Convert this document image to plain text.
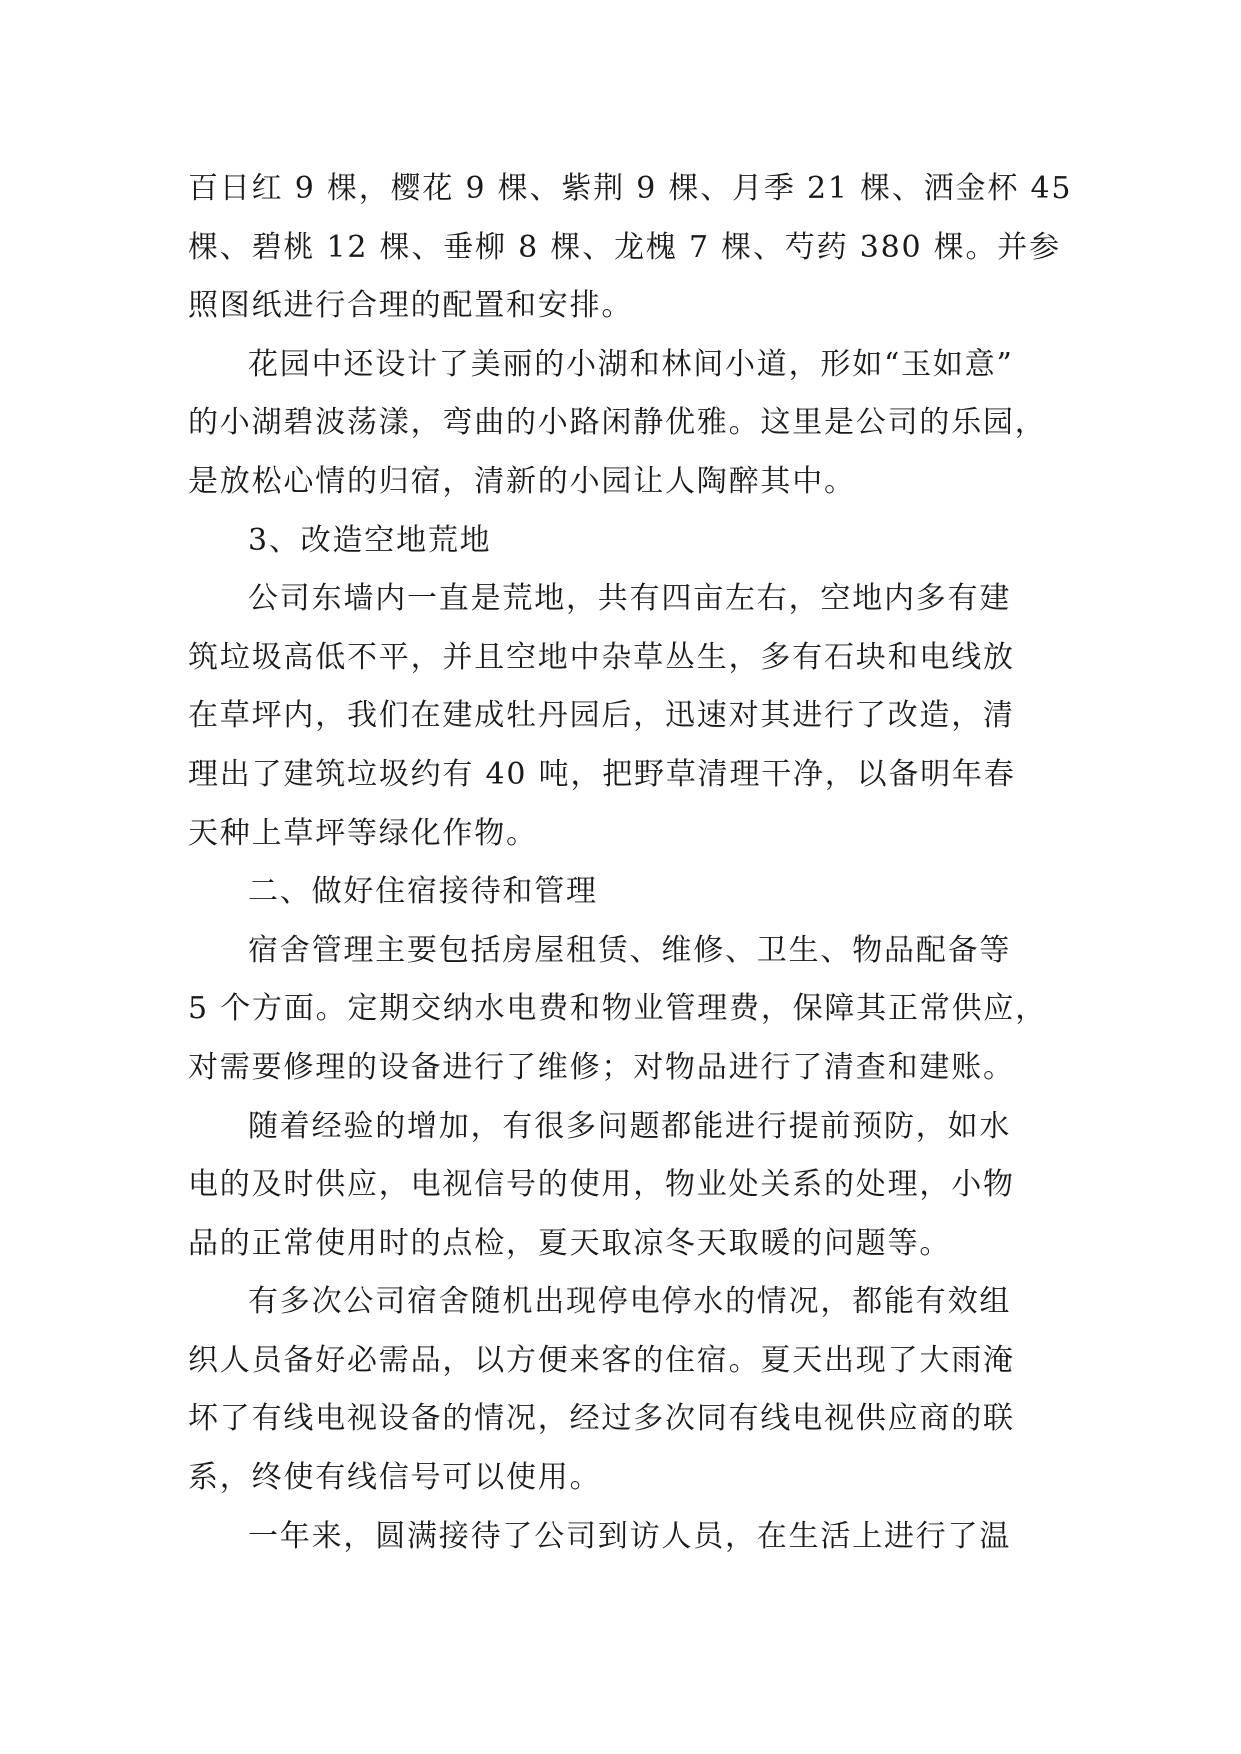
百日红 9 棵，樱花 9 棵、紫荆 9 棵、月季 21 棵、洒金杯 45
棵、碧桃 12 棵、垂柳 8 棵、龙槐 7 棵、芍药 380 棵。并参
照图纸进行合理的配置和安排。
花园中还设计了美丽的小湖和林间小道，形如“玉如意”
的小湖碧波荡漾，弯曲的小路闲静优雅。这里是公司的乐园，
是放松心情的归宿，清新的小园让人陶醉其中。
3、改造空地荒地
公司东墙内一直是荒地，共有四亩左右，空地内多有建
筑垃圾高低不平，并且空地中杂草丛生，多有石块和电线放
在草坪内，我们在建成牡丹园后，迅速对其进行了改造，清
理出了建筑垃圾约有 40 吨，把野草清理干净，以备明年春
天种上草坪等绿化作物。
二、做好住宿接待和管理
宿舍管理主要包括房屋租赁、维修、卫生、物品配备等
5 个方面。定期交纳水电费和物业管理费，保障其正常供应，
对需要修理的设备进行了维修；对物品进行了清查和建账。
随着经验的增加，有很多问题都能进行提前预防，如水
电的及时供应，电视信号的使用，物业处关系的处理，小物
品的正常使用时的点检，夏天取凉冬天取暖的问题等。
有多次公司宿舍随机出现停电停水的情况，都能有效组
织人员备好必需品，以方便来客的住宿。夏天出现了大雨淹
坏了有线电视设备的情况，经过多次同有线电视供应商的联
系，终使有线信号可以使用。
一年来，圆满接待了公司到访人员，在生活上进行了温
